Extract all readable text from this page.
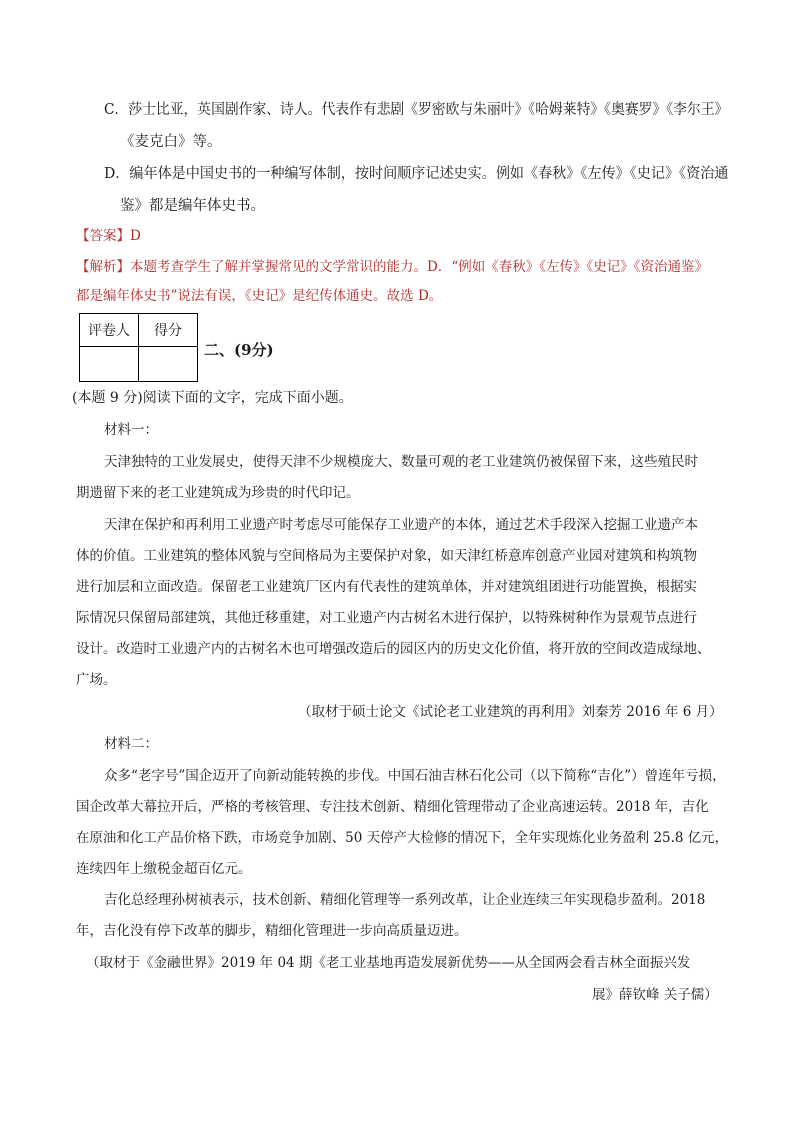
C．莎士比亚，英国剧作家、诗人。代表作有悲剧《罗密欧与朱丽叶》《哈姆莱特》《奥赛罗》《李尔王》
《麦克白》等。
D．编年体是中国史书的一种编写体制，按时间顺序记述史实。例如《春秋》《左传》《史记》《资治通
鉴》都是编年体史书。
【答案】D
【解析】本题考查学生了解并掌握常见的文学常识的能力。D．“例如《春秋》《左传》《史记》《资治通鉴》
都是编年体史书”说法有误，《史记》是纪传体通史。故选 D。
评卷人	得分

二、(9分)
(本题 9 分)阅读下面的文字，完成下面小题。
材料一：
天津独特的工业发展史，使得天津不少规模庞大、数量可观的老工业建筑仍被保留下来，这些殖民时
期遗留下来的老工业建筑成为珍贵的时代印记。
天津在保护和再利用工业遗产时考虑尽可能保存工业遗产的本体，通过艺术手段深入挖掘工业遗产本
体的价值。工业建筑的整体风貌与空间格局为主要保护对象，如天津红桥意库创意产业园对建筑和构筑物
进行加层和立面改造。保留老工业建筑厂区内有代表性的建筑单体，并对建筑组团进行功能置换，根据实
际情况只保留局部建筑，其他迁移重建，对工业遗产内古树名木进行保护，以特殊树种作为景观节点进行
设计。改造时工业遗产内的古树名木也可增强改造后的园区内的历史文化价值，将开放的空间改造成绿地、
广场。
（取材于硕士论文《试论老工业建筑的再利用》刘秦芳 2016 年 6 月）
材料二：
众多“老字号”国企迈开了向新动能转换的步伐。中国石油吉林石化公司（以下简称“吉化”）曾连年亏损，
国企改革大幕拉开后，严格的考核管理、专注技术创新、精细化管理带动了企业高速运转。2018 年，吉化
在原油和化工产品价格下跌，市场竞争加剧、50 天停产大检修的情况下，全年实现炼化业务盈利 25.8 亿元，
连续四年上缴税金超百亿元。
吉化总经理孙树祯表示，技术创新、精细化管理等一系列改革，让企业连续三年实现稳步盈利。2018
年，吉化没有停下改革的脚步，精细化管理进一步向高质量迈进。
（取材于《金融世界》2019 年 04 期《老工业基地再造发展新优势——从全国两会看吉林全面振兴发
展》薛钦峰 关子儒）
